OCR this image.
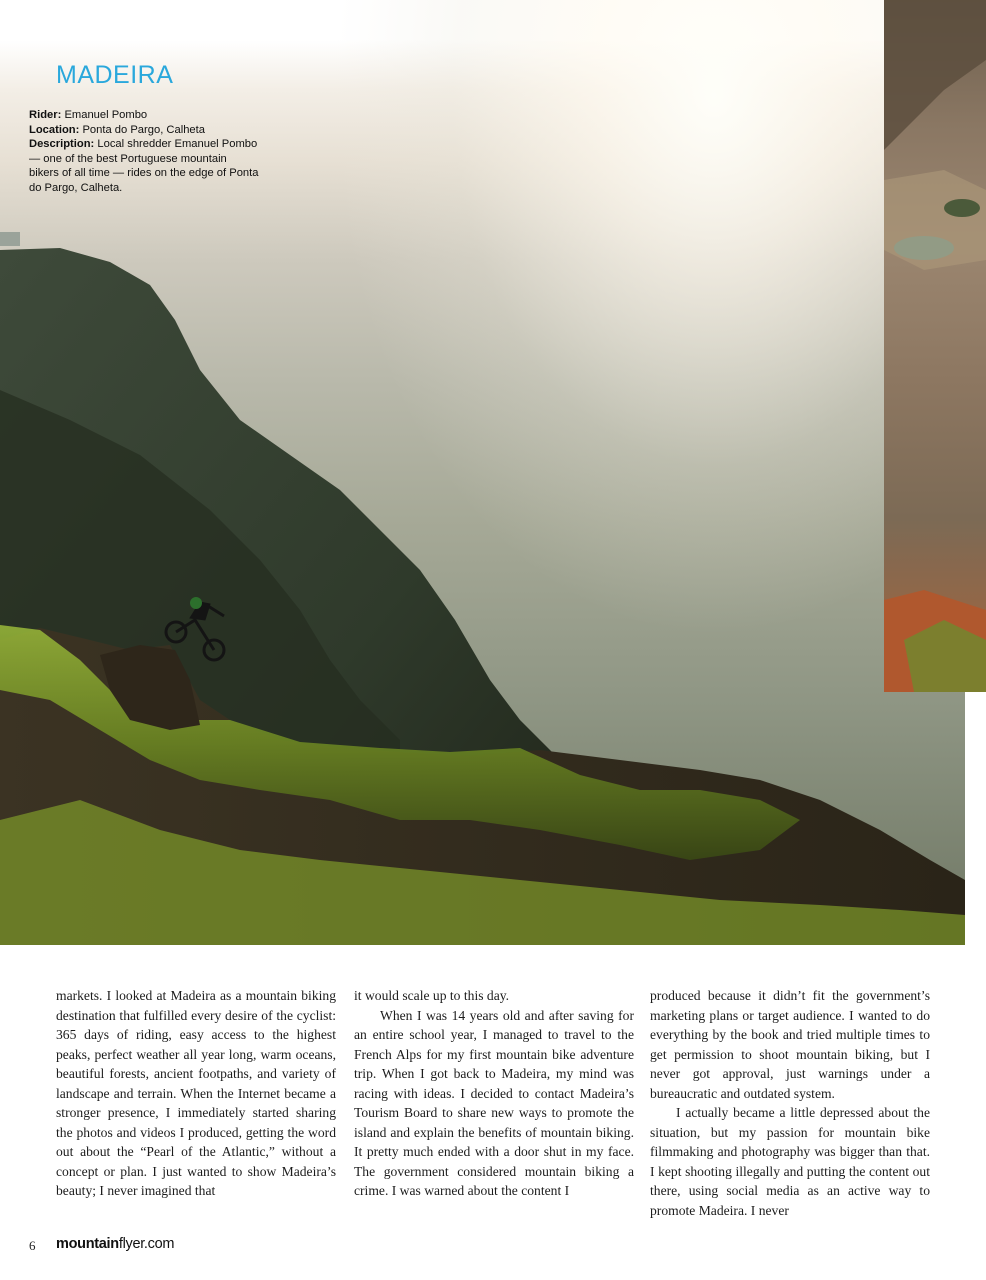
MADEIRA

Rider: Emanuel Pombo

Location: Ponta do Pargo, Calheta

Description: Local shredder Emanuel Pombo — one of the best Portuguese mountain bikers of all time — rides on the edge of Ponta do Pargo, Calheta.

markets. I looked at Madeira as a mountain biking destination that fulfilled every desire of the cyclist: 365 days of riding, easy access to the highest peaks, perfect weather all year long, warm oceans, beautiful forests, ancient footpaths, and variety of landscape and terrain. When the Internet became a stronger presence, I immediately started sharing the photos and videos I produced, getting the word out about the “Pearl of the Atlantic,” without a concept or plan. I just wanted to show Madeira’s beauty; I never imagined that

it would scale up to this day.

When I was 14 years old and after saving for an entire school year, I managed to travel to the French Alps for my first mountain bike adventure trip. When I got back to Madeira, my mind was racing with ideas. I decided to contact Madeira’s Tourism Board to share new ways to promote the island and explain the benefits of mountain biking. It pretty much ended with a door shut in my face. The government considered mountain biking a crime. I was warned about the content I

produced because it didn’t fit the government’s marketing plans or target audience. I wanted to do everything by the book and tried multiple times to get permission to shoot mountain biking, but I never got approval, just warnings under a bureaucratic and outdated system.

I actually became a little depressed about the situation, but my passion for mountain bike filmmaking and photography was bigger than that. I kept shooting illegally and putting the content out there, using social media as an active way to promote Madeira. I never

6 mountainflyer.com
